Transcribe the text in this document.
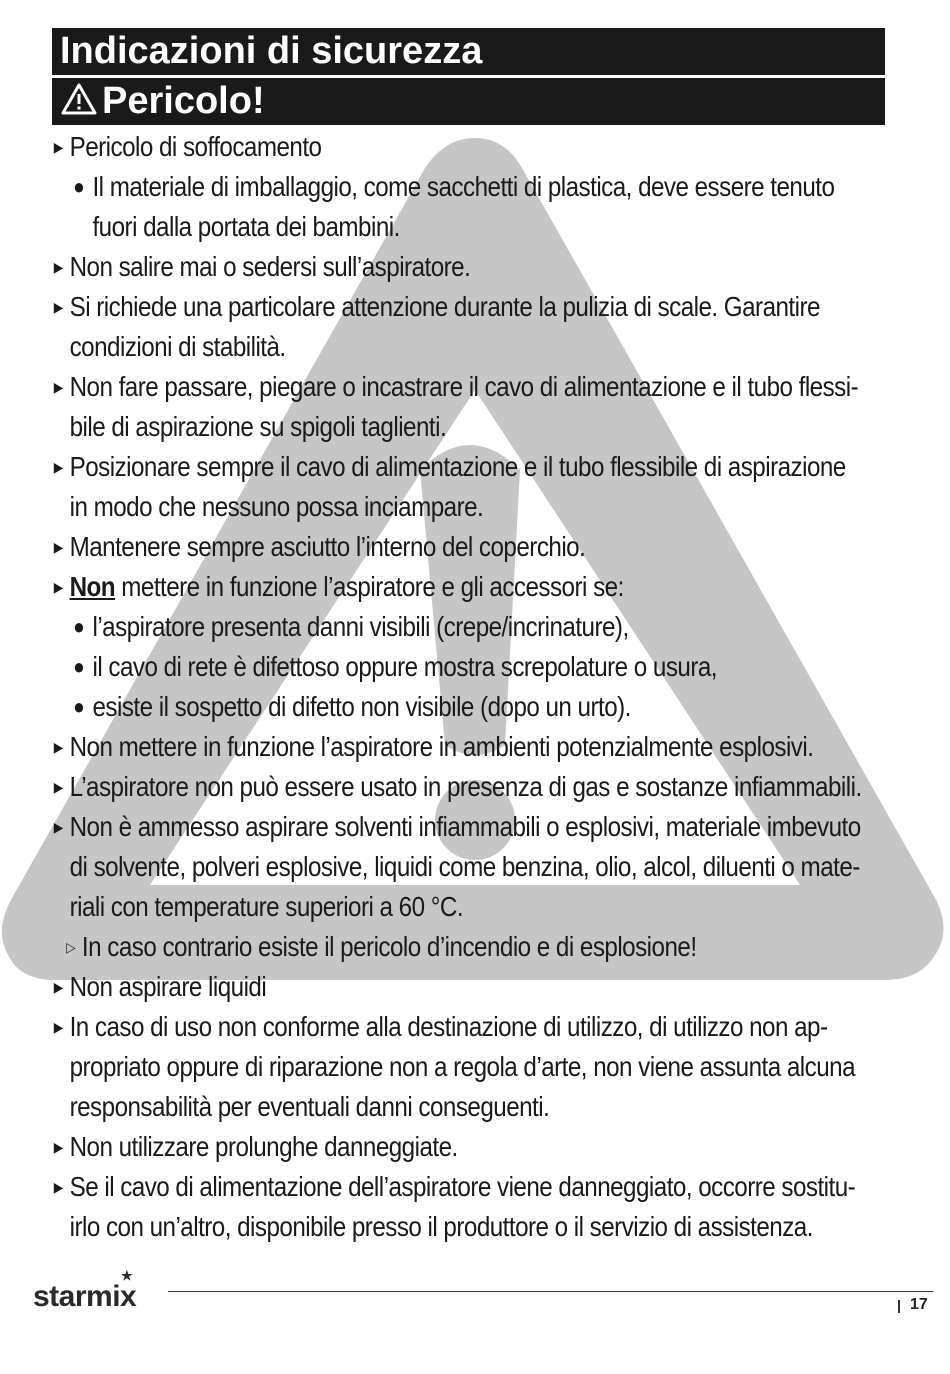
Indicazioni di sicurezza
Pericolo!
▶ Pericolo di soffocamento
● Il materiale di imballaggio, come sacchetti di plastica, deve essere tenuto
fuori dalla portata dei bambini.
▶ Non salire mai o sedersi sull’aspiratore.
▶ Si richiede una particolare attenzione durante la pulizia di scale. Garantire
condizioni di stabilità.
▶ Non fare passare, piegare o incastrare il cavo di alimentazione e il tubo flessi-
bile di aspirazione su spigoli taglienti.
▶ Posizionare sempre il cavo di alimentazione e il tubo flessibile di aspirazione
in modo che nessuno possa inciampare.
▶ Mantenere sempre asciutto l’interno del coperchio.
▶ Non mettere in funzione l’aspiratore e gli accessori se:
● l’aspiratore presenta danni visibili (crepe/incrinature),
● il cavo di rete è difettoso oppure mostra screpolature o usura,
● esiste il sospetto di difetto non visibile (dopo un urto).
▶ Non mettere in funzione l’aspiratore in ambienti potenzialmente esplosivi.
▶ L’aspiratore non può essere usato in presenza di gas e sostanze infiammabili.
▶ Non è ammesso aspirare solventi infiammabili o esplosivi, materiale imbevuto
di solvente, polveri esplosive, liquidi come benzina, olio, alcol, diluenti o mate-
riali con temperature superiori a 60 °C.
▷ In caso contrario esiste il pericolo d’incendio e di esplosione!
▶ Non aspirare liquidi
▶ In caso di uso non conforme alla destinazione di utilizzo, di utilizzo non ap-
propriato oppure di riparazione non a regola d’arte, non viene assunta alcuna
responsabilità per eventuali danni conseguenti.
▶ Non utilizzare prolunghe danneggiate.
▶ Se il cavo di alimentazione dell’aspiratore viene danneggiato, occorre sostitu-
irlo con un’altro, disponibile presso il produttore o il servizio di assistenza.
starmix
★
17
